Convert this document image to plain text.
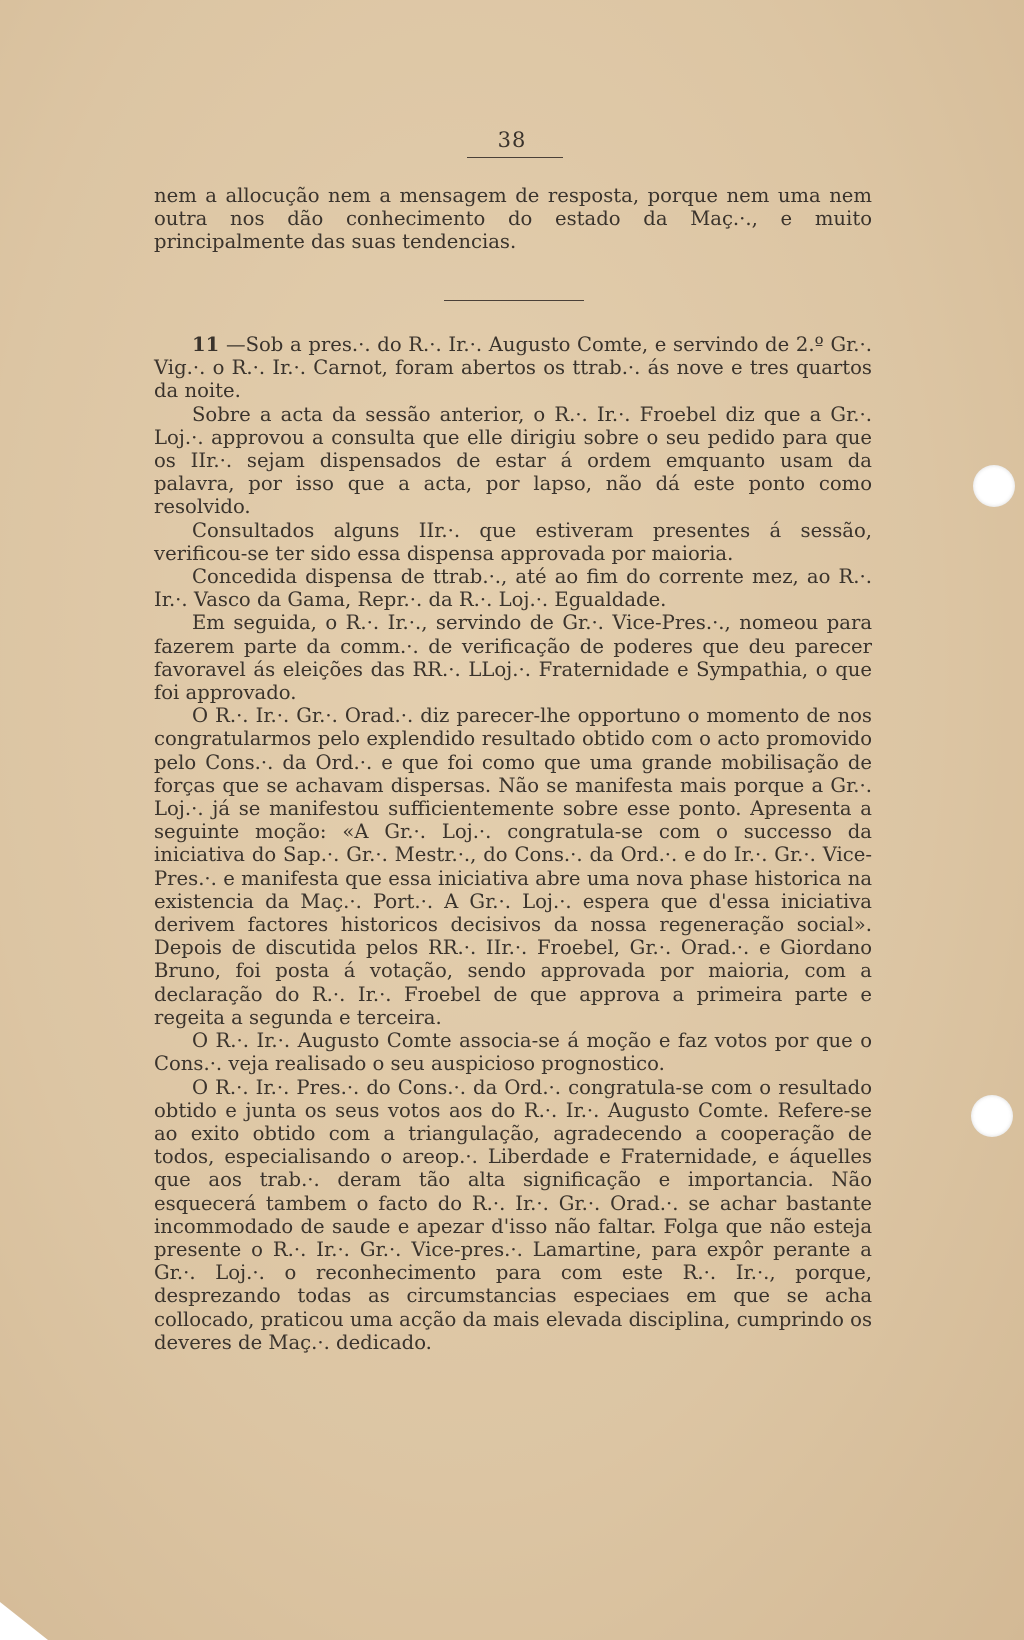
38

nem a allocução nem a mensagem de resposta, porque nem uma nem outra nos dão conhecimento do estado da Maç.·., e muito principalmente das suas tendencias.

11 —Sob a pres.·. do R.·. Ir.·. Augusto Comte, e servindo de 2.º Gr.·. Vig.·. o R.·. Ir.·. Carnot, foram abertos os ttrab.·. ás nove e tres quartos da noite.

Sobre a acta da sessão anterior, o R.·. Ir.·. Froebel diz que a Gr.·. Loj.·. approvou a consulta que elle dirigiu sobre o seu pedido para que os IIr.·. sejam dispensados de estar á ordem emquanto usam da palavra, por isso que a acta, por lapso, não dá este ponto como resolvido.

Consultados alguns IIr.·. que estiveram presentes á sessão, verificou-se ter sido essa dispensa approvada por maioria.

Concedida dispensa de ttrab.·., até ao fim do corrente mez, ao R.·. Ir.·. Vasco da Gama, Repr.·. da R.·. Loj.·. Egualdade.

Em seguida, o R.·. Ir.·., servindo de Gr.·. Vice-Pres.·., nomeou para fazerem parte da comm.·. de verificação de poderes que deu parecer favoravel ás eleições das RR.·. LLoj.·. Fraternidade e Sympathia, o que foi approvado.

O R.·. Ir.·. Gr.·. Orad.·. diz parecer-lhe opportuno o momento de nos congratularmos pelo explendido resultado obtido com o acto promovido pelo Cons.·. da Ord.·. e que foi como que uma grande mobilisação de forças que se achavam dispersas. Não se manifesta mais porque a Gr.·. Loj.·. já se manifestou sufficientemente sobre esse ponto. Apresenta a seguinte moção: «A Gr.·. Loj.·. congratula-se com o successo da iniciativa do Sap.·. Gr.·. Mestr.·., do Cons.·. da Ord.·. e do Ir.·. Gr.·. Vice-Pres.·. e manifesta que essa iniciativa abre uma nova phase historica na existencia da Maç.·. Port.·. A Gr.·. Loj.·. espera que d'essa iniciativa derivem factores historicos decisivos da nossa regeneração social». Depois de discutida pelos RR.·. IIr.·. Froebel, Gr.·. Orad.·. e Giordano Bruno, foi posta á votação, sendo approvada por maioria, com a declaração do R.·. Ir.·. Froebel de que approva a primeira parte e regeita a segunda e terceira.

O R.·. Ir.·. Augusto Comte associa-se á moção e faz votos por que o Cons.·. veja realisado o seu auspicioso prognostico.

O R.·. Ir.·. Pres.·. do Cons.·. da Ord.·. congratula-se com o resultado obtido e junta os seus votos aos do R.·. Ir.·. Augusto Comte. Refere-se ao exito obtido com a triangulação, agradecendo a cooperação de todos, especialisando o areop.·. Liberdade e Fraternidade, e áquelles que aos trab.·. deram tão alta significação e importancia. Não esquecerá tambem o facto do R.·. Ir.·. Gr.·. Orad.·. se achar bastante incommodado de saude e apezar d'isso não faltar. Folga que não esteja presente o R.·. Ir.·. Gr.·. Vice-pres.·. Lamartine, para expôr perante a Gr.·. Loj.·. o reconhecimento para com este R.·. Ir.·., porque, desprezando todas as circumstancias especiaes em que se acha collocado, praticou uma acção da mais elevada disciplina, cumprindo os deveres de Maç.·. dedicado.
